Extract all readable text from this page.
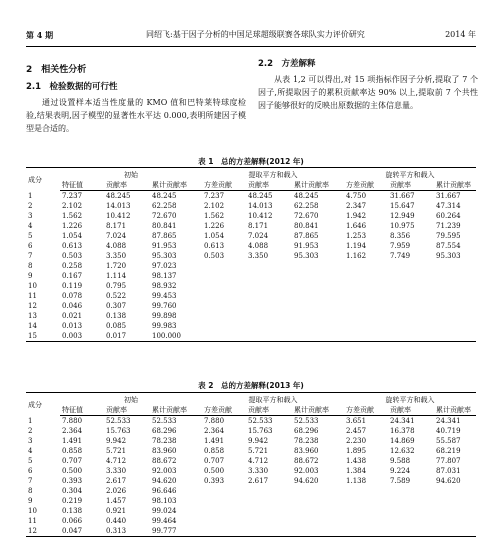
第 4 期	同绍飞:基于因子分析的中国足球超级联赛各球队实力评价研究	2014 年
2　相关性分析
2.1　检验数据的可行性
通过设置样本适当性度量的 KMO 值和巴特莱特球度检验,结果表明,因子模型的显著性水平达 0.000,表明所建因子模型是合适的。
2.2　方差解释
从表 1,2 可以得出,对 15 项指标作因子分析,提取了 7 个因子,所提取因子的累积贡献率达 90% 以上,提取前 7 个共性因子能够很好的反映出原数据的主体信息量。
表 1　总的方差解释(2012 年)
成分	初始			提取平方和载入			旋转平方和载入		
	特征值	贡献率	累计贡献率	方差贡献	贡献率	累计贡献率	方差贡献	贡献率	累计贡献率
1	7.237	48.245	48.245	7.237	48.245	48.245	4.750	31.667	31.667
2	2.102	14.013	62.258	2.102	14.013	62.258	2.347	15.647	47.314
3	1.562	10.412	72.670	1.562	10.412	72.670	1.942	12.949	60.264
4	1.226	8.171	80.841	1.226	8.171	80.841	1.646	10.975	71.239
5	1.054	7.024	87.865	1.054	7.024	87.865	1.253	8.356	79.595
6	0.613	4.088	91.953	0.613	4.088	91.953	1.194	7.959	87.554
7	0.503	3.350	95.303	0.503	3.350	95.303	1.162	7.749	95.303
8	0.258	1.720	97.023						
9	0.167	1.114	98.137						
10	0.119	0.795	98.932						
11	0.078	0.522	99.453						
12	0.046	0.307	99.760						
13	0.021	0.138	99.898						
14	0.013	0.085	99.983						
15	0.003	0.017	100.000						
表 2　总的方差解释(2013 年)
成分	初始			提取平方和载入			旋转平方和载入		
	特征值	贡献率	累计贡献率	方差贡献	贡献率	累计贡献率	方差贡献	贡献率	累计贡献率
1	7.880	52.533	52.533	7.880	52.533	52.533	3.651	24.341	24.341
2	2.364	15.763	68.296	2.364	15.763	68.296	2.457	16.378	40.719
3	1.491	9.942	78.238	1.491	9.942	78.238	2.230	14.869	55.587
4	0.858	5.721	83.960	0.858	5.721	83.960	1.895	12.632	68.219
5	0.707	4.712	88.672	0.707	4.712	88.672	1.438	9.588	77.807
6	0.500	3.330	92.003	0.500	3.330	92.003	1.384	9.224	87.031
7	0.393	2.617	94.620	0.393	2.617	94.620	1.138	7.589	94.620
8	0.304	2.026	96.646						
9	0.219	1.457	98.103						
10	0.138	0.921	99.024						
11	0.066	0.440	99.464						
12	0.047	0.313	99.777						
